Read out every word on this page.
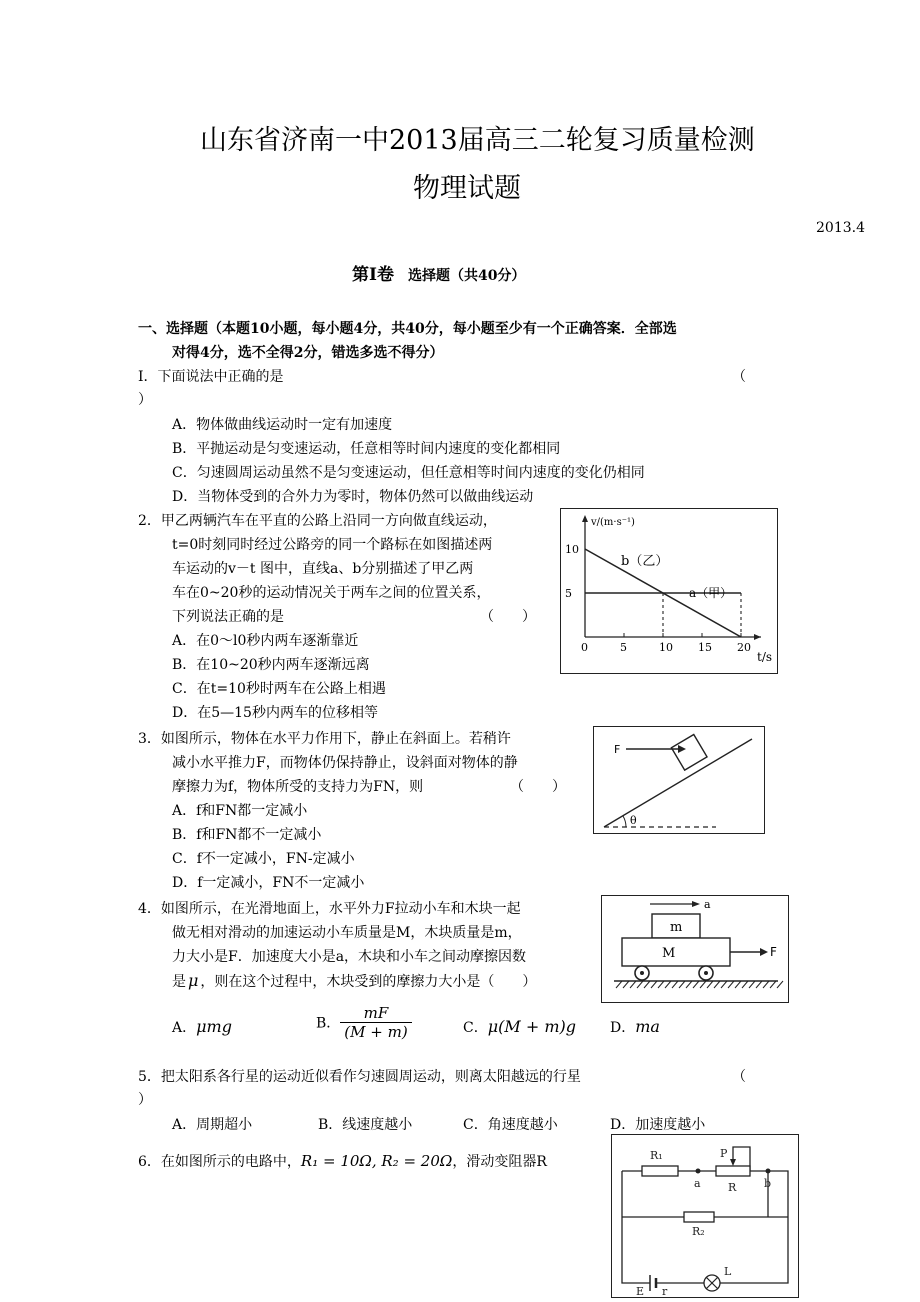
山东省济南一中2013届高三二轮复习质量检测
物理试题
2013.4
第Ⅰ卷 选择题（共40分）
一、选择题（本题10小题，每小题4分，共40分，每小题至少有一个正确答案．全部选
对得4分，选不全得2分，错选多选不得分）
I．下面说法中正确的是	（
）
A．物体做曲线运动时一定有加速度
B．平抛运动是匀变速运动，任意相等时间内速度的变化都相同
C．匀速圆周运动虽然不是匀变速运动，但任意相等时间内速度的变化仍相同
D．当物体受到的合外力为零时，物体仍然可以做曲线运动
2．甲乙两辆汽车在平直的公路上沿同一方向做直线运动，
t=0时刻同时经过公路旁的同一个路标在如图描述两
车运动的v－t 图中，直线a、b分别描述了甲乙两
车在0~20秒的运动情况关于两车之间的位置关系，
下列说法正确的是	（　　）
A．在0～l0秒内两车逐渐靠近
B．在10~20秒内两车逐渐远离
C．在t=10秒时两车在公路上相遇
D．在5—15秒内两车的位移相等
0	5	10 15 20
5
10
v/(m·s⁻¹)
t/s
b（乙）
a（甲）
3．如图所示，物体在水平力作用下，静止在斜面上。若稍许
减小水平推力F，而物体仍保持静止，设斜面对物体的静
摩擦力为f，物体所受的支持力为FN，则	（　　）
A．f和FN都一定减小
B．f和FN都不一定减小
C．f不一定减小，FN-定减小
D．f一定减小，FN不一定减小
θ
F
4．如图所示，在光滑地面上，水平外力F拉动小车和木块一起
做无相对滑动的加速运动小车质量是M，木块质量是m，
力大小是F．加速度大小是a，木块和小车之间动摩擦因数
是 μ ，则在这个过程中，木块受到的摩擦力大小是（　　）
A．μmg	B． $\frac{mF}{(M + m)}$	C．μ(M + m)g D．ma
a
m
M	F
5．把太阳系各行星的运动近似看作匀速圆周运动，则离太阳越远的行星	（
）
A．周期超小	B．线速度越小	C．角速度越小	D．加速度越小
6．在如图所示的电路中，R₁ = 10Ω, R₂ = 20Ω，滑动变阻器R	R₁	P
a R	b
R₂
L
E r
